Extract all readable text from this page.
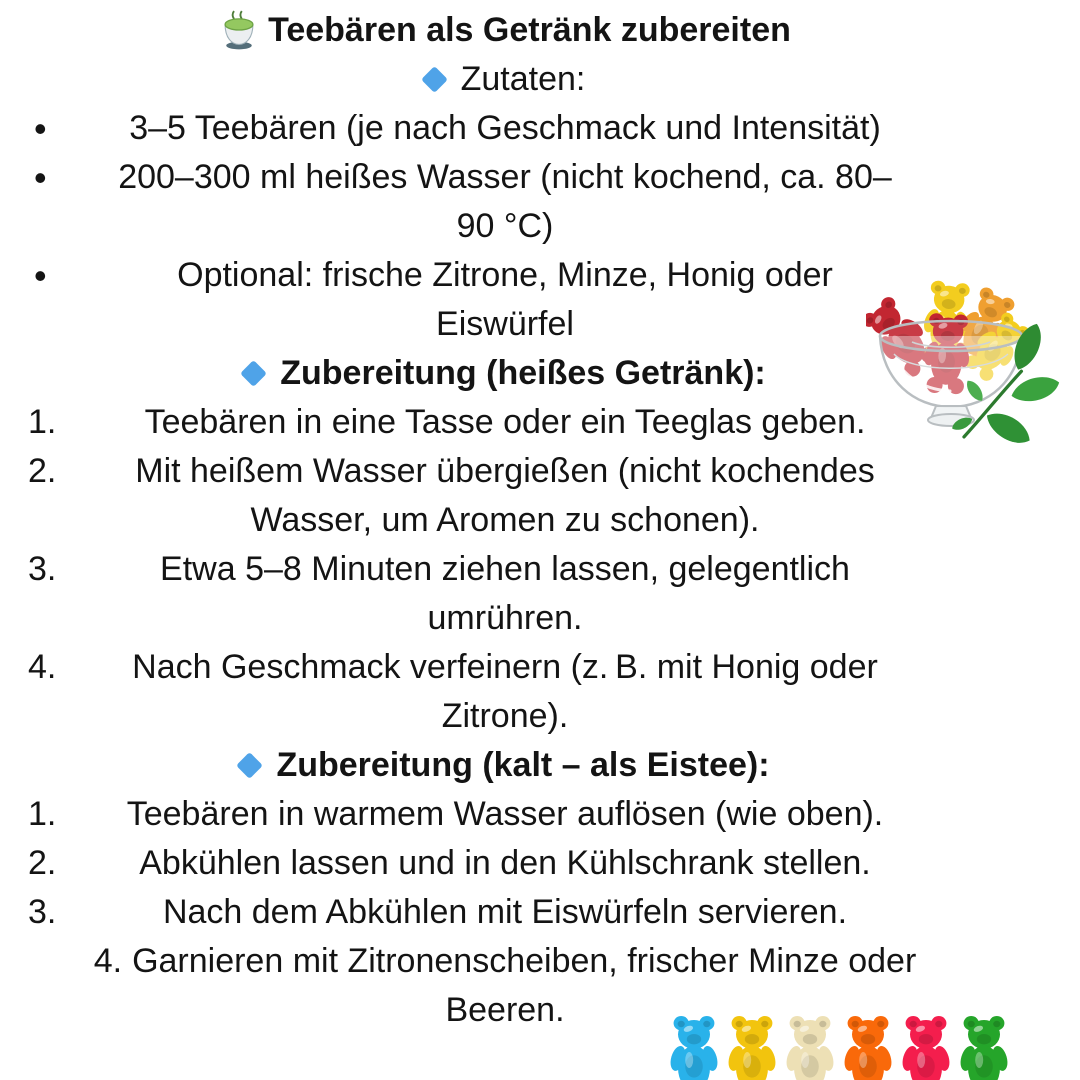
Teebären als Getränk zubereiten
Zutaten:
• 3–5 Teebären (je nach Geschmack und Intensität)
• 200–300 ml heißes Wasser (nicht kochend, ca. 80–
90 °C)
•	Optional: frische Zitrone, Minze, Honig oder
Eiswürfel
Zubereitung (heißes Getränk):
1.	Teebären in eine Tasse oder ein Teeglas geben.
2. Mit heißem Wasser übergießen (nicht kochendes
Wasser, um Aromen zu schonen).
3.	Etwa 5–8 Minuten ziehen lassen, gelegentlich
umrühren.
4. Nach Geschmack verfeinern (z. B. mit Honig oder
Zitrone).
Zubereitung (kalt – als Eistee):
1. Teebären in warmem Wasser auflösen (wie oben).
2. Abkühlen lassen und in den Kühlschrank stellen.
3.	Nach dem Abkühlen mit Eiswürfeln servieren.
4. Garnieren mit Zitronenscheiben, frischer Minze oder
Beeren.
